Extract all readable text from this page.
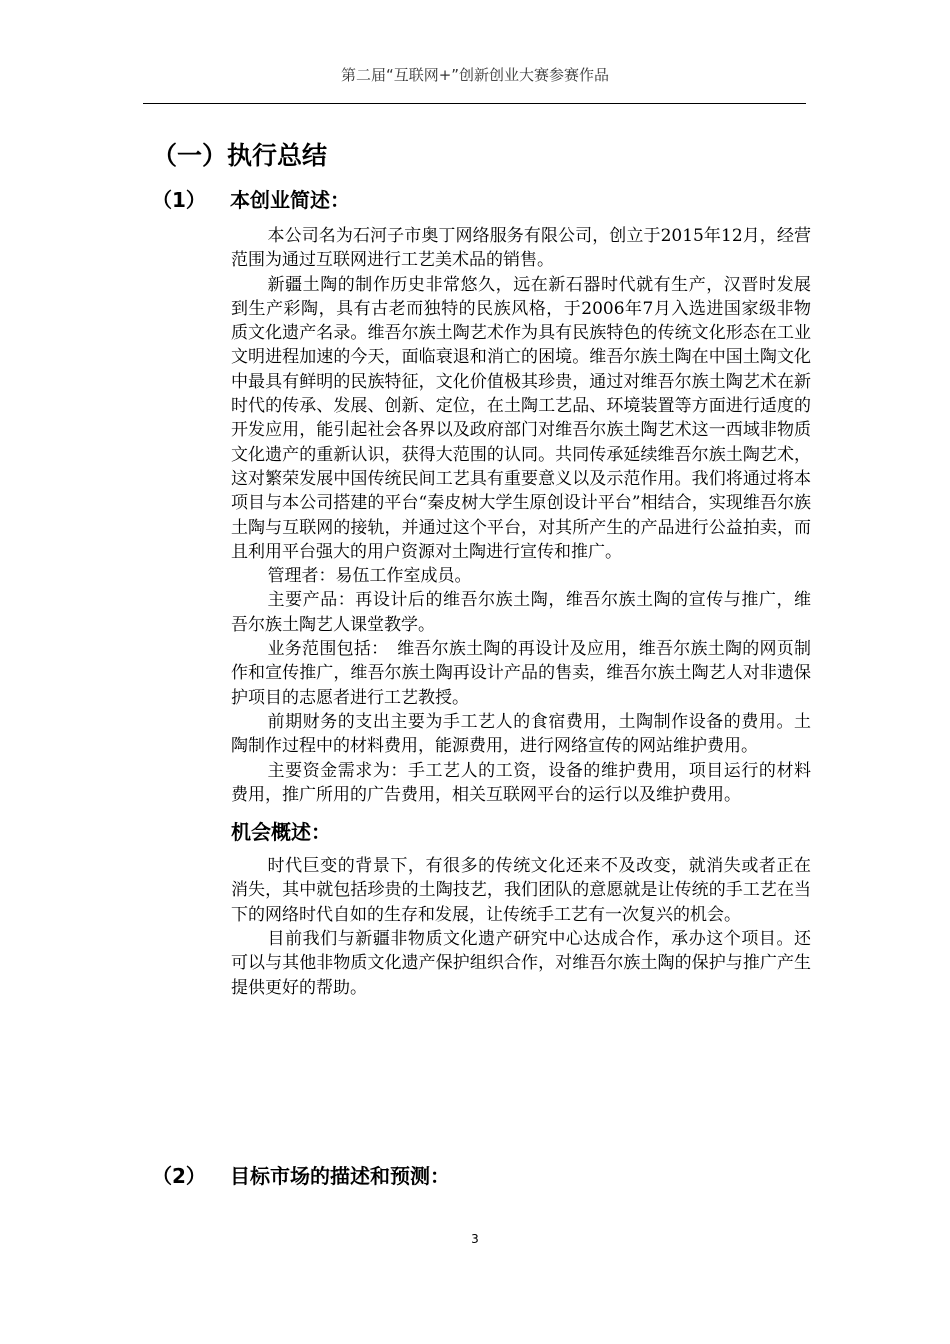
第二届“互联网+”创新创业大赛参赛作品
（一）执行总结
（1） 本创业简述：

本公司名为石河子市奥丁网络服务有限公司，创立于2015年12月，经营范围为通过互联网进行工艺美术品的销售。

新疆土陶的制作历史非常悠久，远在新石器时代就有生产，汉晋时发展到生产彩陶，具有古老而独特的民族风格，于2006年7月入选进国家级非物质文化遗产名录。维吾尔族土陶艺术作为具有民族特色的传统文化形态在工业文明进程加速的今天，面临衰退和消亡的困境。维吾尔族土陶在中国土陶文化中最具有鲜明的民族特征，文化价值极其珍贵，通过对维吾尔族土陶艺术在新时代的传承、发展、创新、定位，在土陶工艺品、环境装置等方面进行适度的开发应用，能引起社会各界以及政府部门对维吾尔族土陶艺术这一西域非物质文化遗产的重新认识，获得大范围的认同。共同传承延续维吾尔族土陶艺术，这对繁荣发展中国传统民间工艺具有重要意义以及示范作用。我们将通过将本项目与本公司搭建的平台“秦皮树大学生原创设计平台”相结合，实现维吾尔族土陶与互联网的接轨，并通过这个平台，对其所产生的产品进行公益拍卖，而且利用平台强大的用户资源对土陶进行宣传和推广。

管理者：易伍工作室成员。

主要产品：再设计后的维吾尔族土陶，维吾尔族土陶的宣传与推广，维吾尔族土陶艺人课堂教学。

业务范围包括：　维吾尔族土陶的再设计及应用，维吾尔族土陶的网页制作和宣传推广，维吾尔族土陶再设计产品的售卖，维吾尔族土陶艺人对非遗保护项目的志愿者进行工艺教授。

前期财务的支出主要为手工艺人的食宿费用，土陶制作设备的费用。土陶制作过程中的材料费用，能源费用，进行网络宣传的网站维护费用。

主要资金需求为：手工艺人的工资，设备的维护费用，项目运行的材料费用，推广所用的广告费用，相关互联网平台的运行以及维护费用。

机会概述：

时代巨变的背景下，有很多的传统文化还来不及改变，就消失或者正在消失，其中就包括珍贵的土陶技艺，我们团队的意愿就是让传统的手工艺在当下的网络时代自如的生存和发展，让传统手工艺有一次复兴的机会。

目前我们与新疆非物质文化遗产研究中心达成合作，承办这个项目。还可以与其他非物质文化遗产保护组织合作，对维吾尔族土陶的保护与推广产生提供更好的帮助。

（2） 目标市场的描述和预测：
3
